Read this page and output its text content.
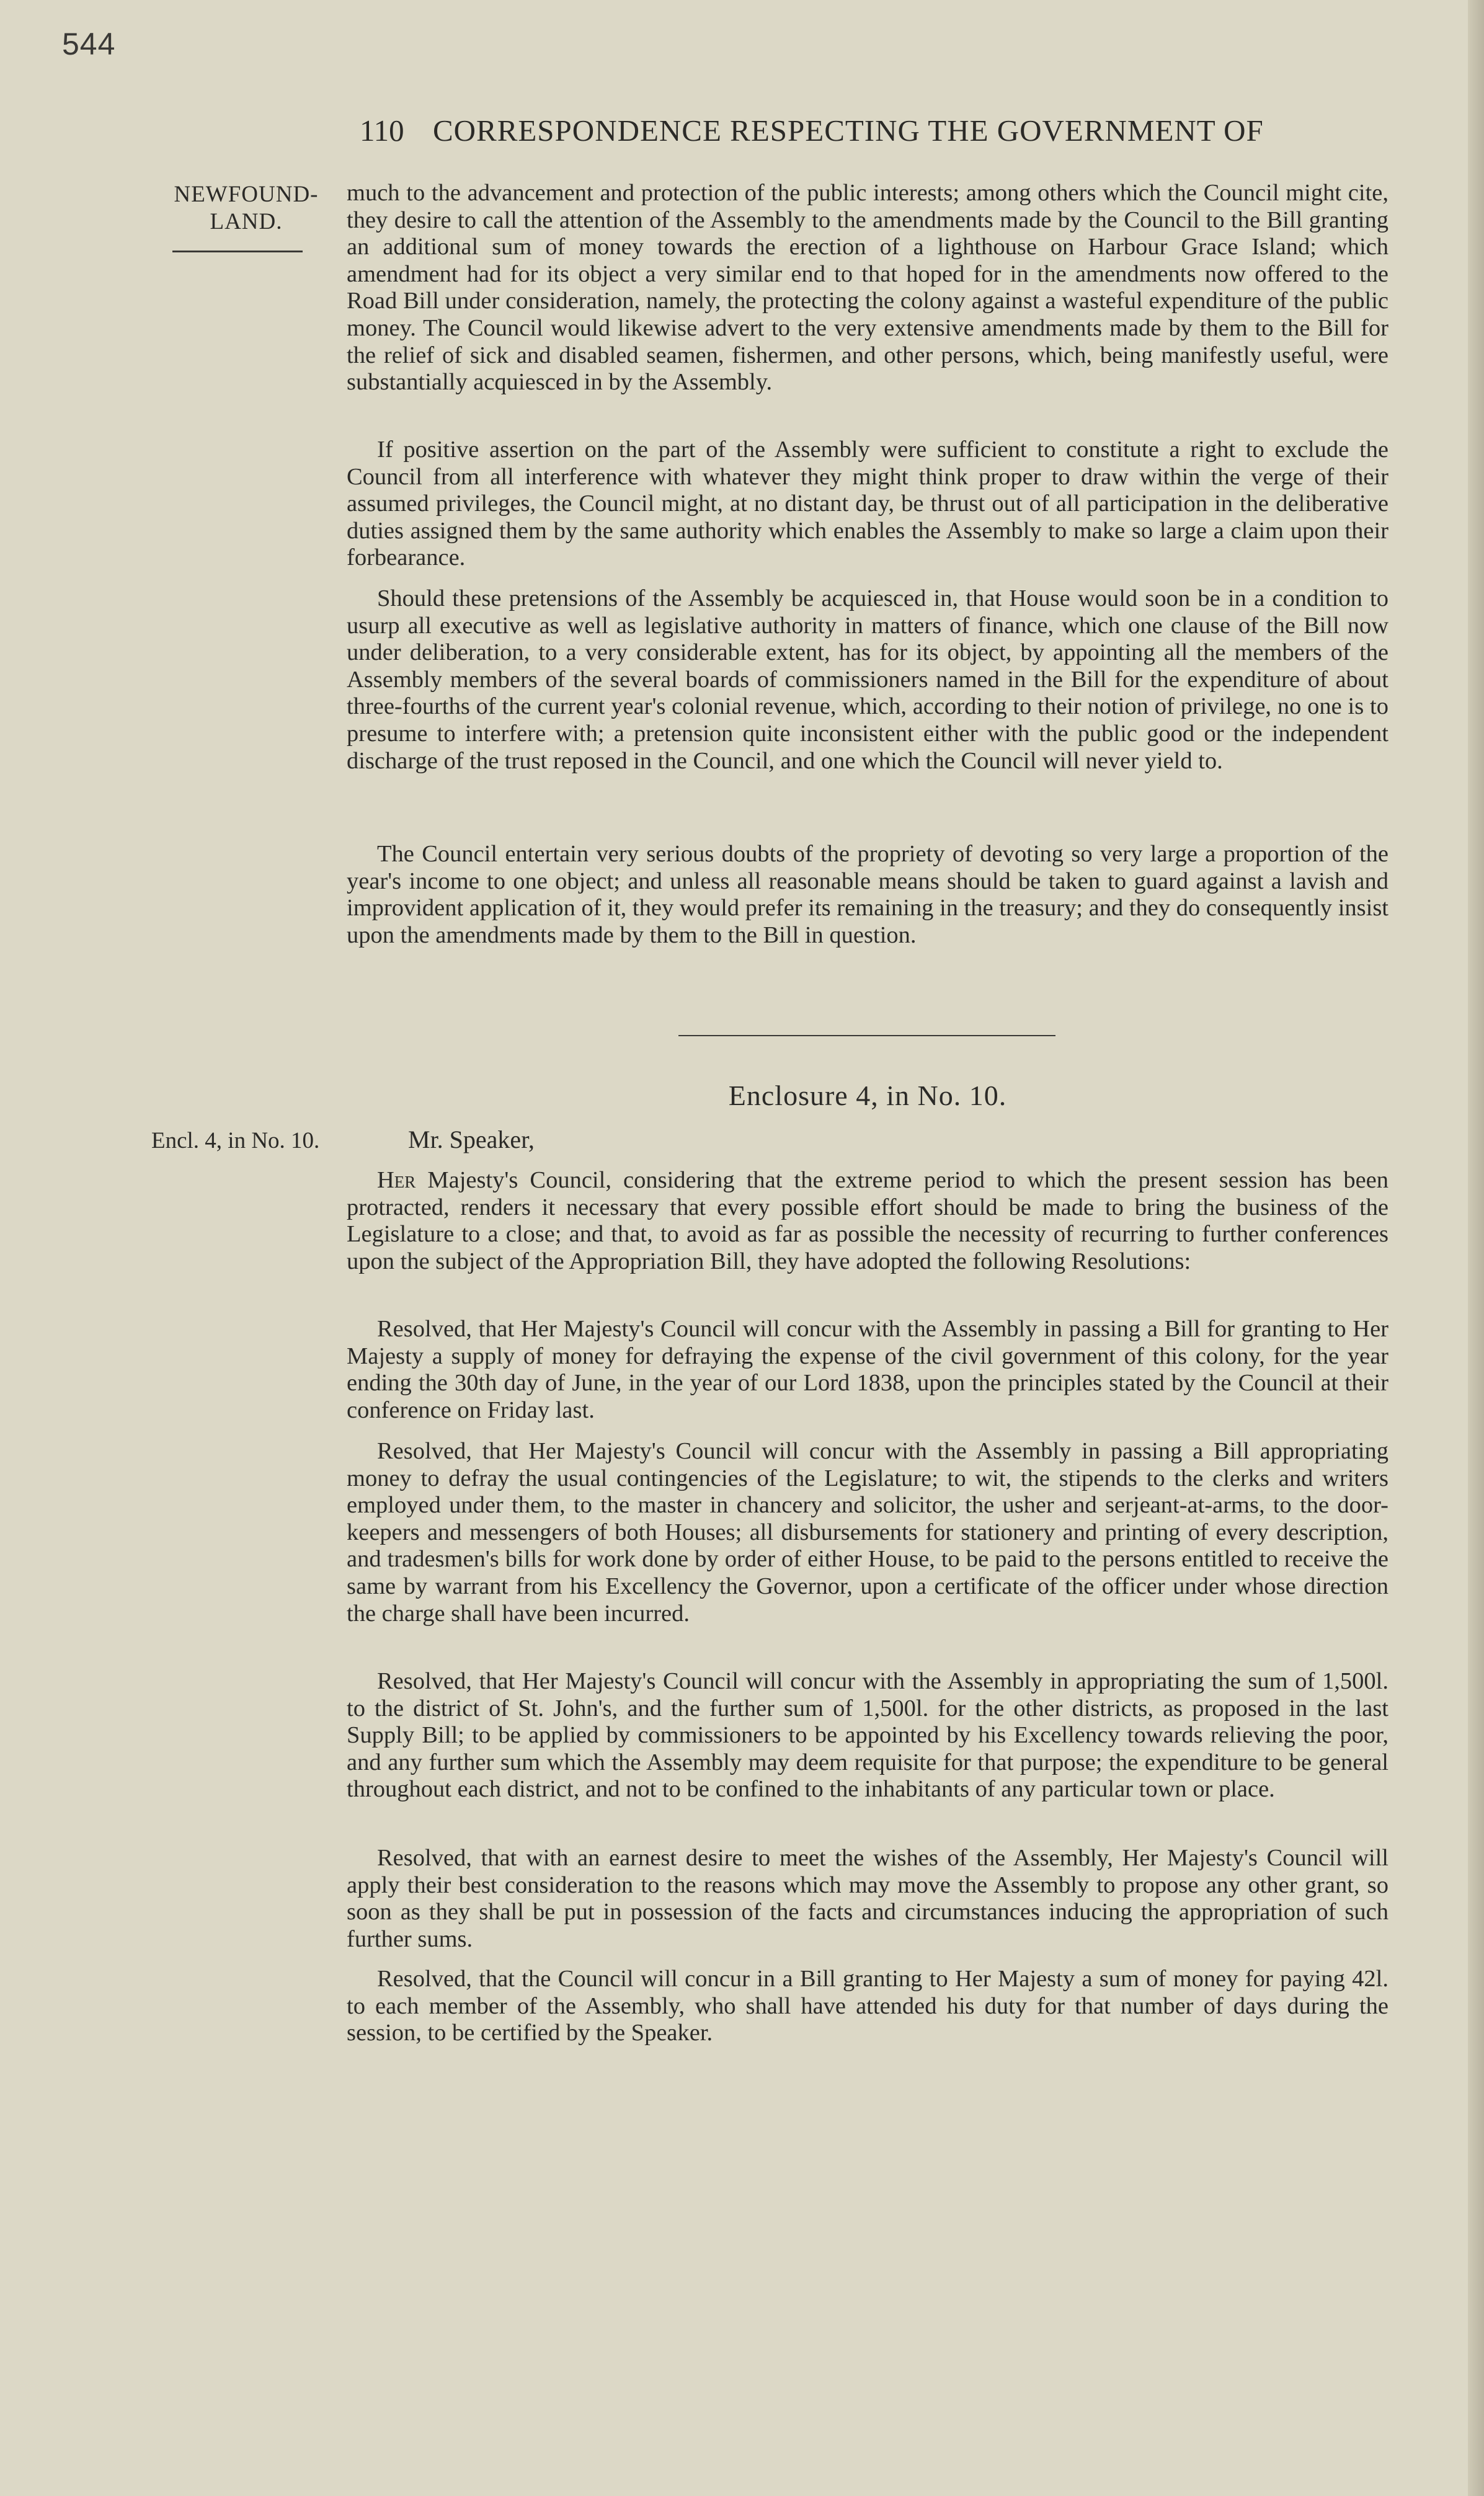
544
110 CORRESPONDENCE RESPECTING THE GOVERNMENT OF
NEWFOUND-
LAND.

much to the advancement and protection of the public interests; among others which the Council might cite, they desire to call the attention of the Assembly to the amendments made by the Council to the Bill granting an additional sum of money towards the erection of a lighthouse on Harbour Grace Island; which amendment had for its object a very similar end to that hoped for in the amendments now offered to the Road Bill under consideration, namely, the protecting the colony against a wasteful expenditure of the public money. The Council would likewise advert to the very extensive amendments made by them to the Bill for the relief of sick and disabled seamen, fishermen, and other persons, which, being manifestly useful, were substantially acquiesced in by the Assembly.

If positive assertion on the part of the Assembly were sufficient to constitute a right to exclude the Council from all interference with whatever they might think proper to draw within the verge of their assumed privileges, the Council might, at no distant day, be thrust out of all participation in the deliberative duties assigned them by the same authority which enables the Assembly to make so large a claim upon their forbearance.

Should these pretensions of the Assembly be acquiesced in, that House would soon be in a condition to usurp all executive as well as legislative authority in matters of finance, which one clause of the Bill now under deliberation, to a very considerable extent, has for its object, by appointing all the members of the Assembly members of the several boards of commissioners named in the Bill for the expenditure of about three-fourths of the current year's colonial revenue, which, according to their notion of privilege, no one is to presume to interfere with; a pretension quite inconsistent either with the public good or the independent discharge of the trust reposed in the Council, and one which the Council will never yield to.

The Council entertain very serious doubts of the propriety of devoting so very large a proportion of the year's income to one object; and unless all reasonable means should be taken to guard against a lavish and improvident application of it, they would prefer its remaining in the treasury; and they do consequently insist upon the amendments made by them to the Bill in question.

Enclosure 4, in No. 10.
Encl. 4, in No. 10.	Mr. Speaker,

Her Majesty's Council, considering that the extreme period to which the present session has been protracted, renders it necessary that every possible effort should be made to bring the business of the Legislature to a close; and that, to avoid as far as possible the necessity of recurring to further conferences upon the subject of the Appropriation Bill, they have adopted the following Resolutions:

Resolved, that Her Majesty's Council will concur with the Assembly in passing a Bill for granting to Her Majesty a supply of money for defraying the expense of the civil government of this colony, for the year ending the 30th day of June, in the year of our Lord 1838, upon the principles stated by the Council at their conference on Friday last.

Resolved, that Her Majesty's Council will concur with the Assembly in passing a Bill appropriating money to defray the usual contingencies of the Legislature; to wit, the stipends to the clerks and writers employed under them, to the master in chancery and solicitor, the usher and serjeant-at-arms, to the door-keepers and messengers of both Houses; all disbursements for stationery and printing of every description, and tradesmen's bills for work done by order of either House, to be paid to the persons entitled to receive the same by warrant from his Excellency the Governor, upon a certificate of the officer under whose direction the charge shall have been incurred.

Resolved, that Her Majesty's Council will concur with the Assembly in appropriating the sum of 1,500l. to the district of St. John's, and the further sum of 1,500l. for the other districts, as proposed in the last Supply Bill; to be applied by commissioners to be appointed by his Excellency towards relieving the poor, and any further sum which the Assembly may deem requisite for that purpose; the expenditure to be general throughout each district, and not to be confined to the inhabitants of any particular town or place.

Resolved, that with an earnest desire to meet the wishes of the Assembly, Her Majesty's Council will apply their best consideration to the reasons which may move the Assembly to propose any other grant, so soon as they shall be put in possession of the facts and circumstances inducing the appropriation of such further sums.

Resolved, that the Council will concur in a Bill granting to Her Majesty a sum of money for paying 42l. to each member of the Assembly, who shall have attended his duty for that number of days during the session, to be certified by the Speaker.
